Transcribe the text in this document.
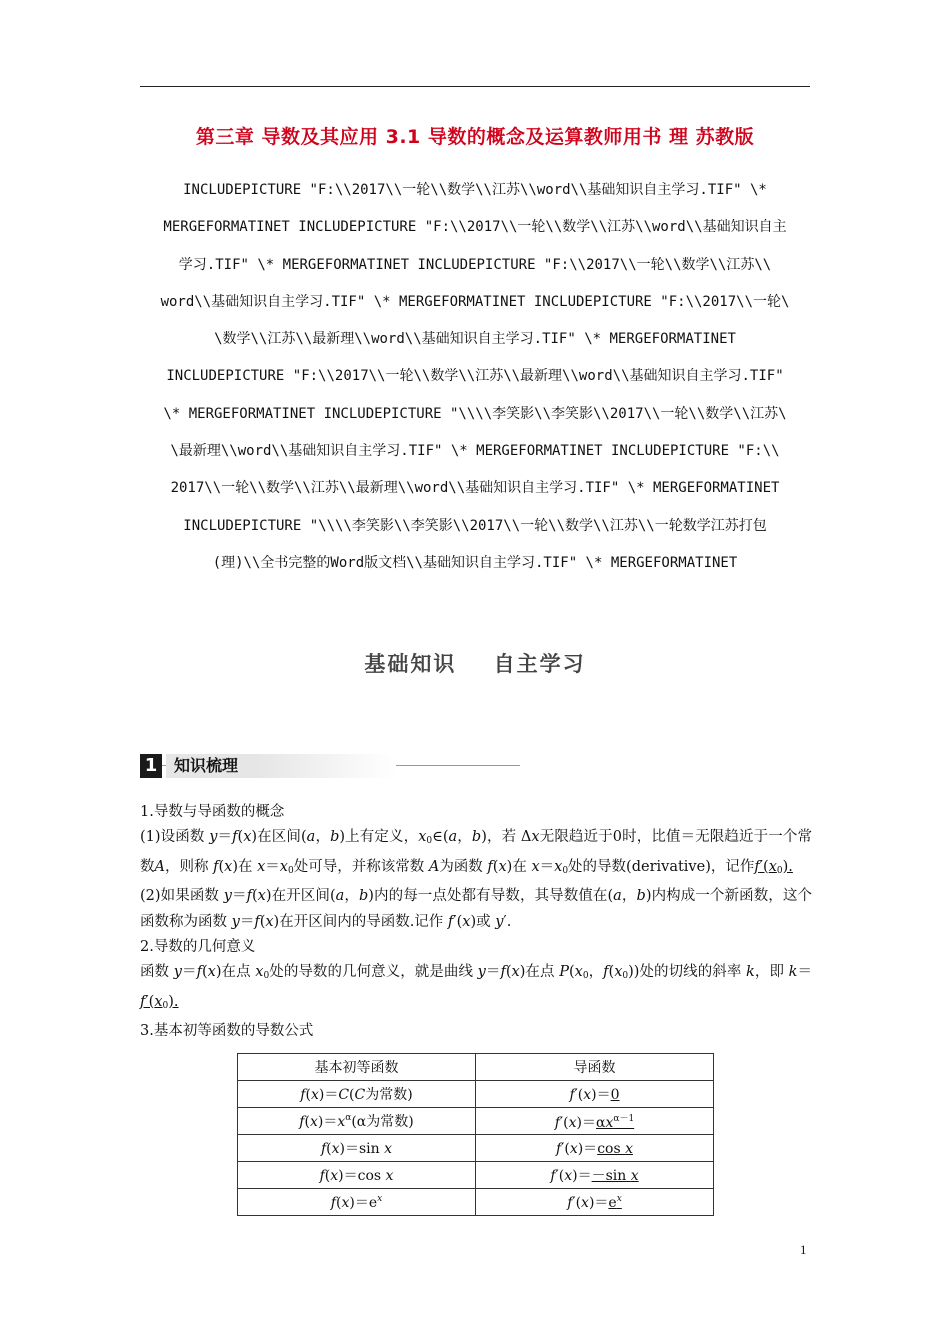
第三章 导数及其应用 3.1 导数的概念及运算教师用书 理 苏教版
INCLUDEPICTURE "F:\\2017\\一轮\\数学\\江苏\\word\\基础知识自主学习.TIF" \*
MERGEFORMATINET INCLUDEPICTURE "F:\\2017\\一轮\\数学\\江苏\\word\\基础知识自主
学习.TIF" \* MERGEFORMATINET INCLUDEPICTURE "F:\\2017\\一轮\\数学\\江苏\\
word\\基础知识自主学习.TIF" \* MERGEFORMATINET INCLUDEPICTURE "F:\\2017\\一轮\
\数学\\江苏\\最新理\\word\\基础知识自主学习.TIF" \* MERGEFORMATINET
INCLUDEPICTURE "F:\\2017\\一轮\\数学\\江苏\\最新理\\word\\基础知识自主学习.TIF"
\* MERGEFORMATINET INCLUDEPICTURE "\\\\李笑影\\李笑影\\2017\\一轮\\数学\\江苏\
\最新理\\word\\基础知识自主学习.TIF" \* MERGEFORMATINET INCLUDEPICTURE "F:\\
2017\\一轮\\数学\\江苏\\最新理\\word\\基础知识自主学习.TIF" \* MERGEFORMATINET
INCLUDEPICTURE "\\\\李笑影\\李笑影\\2017\\一轮\\数学\\江苏\\一轮数学江苏打包
(理)\\全书完整的Word版文档\\基础知识自主学习.TIF" \* MERGEFORMATINET
基础知识 自主学习
1	知识梳理

1.导数与导函数的概念

(1)设函数 y＝f(x)在区间(a，b)上有定义，$x_0\in(a$，b)，若 Δx无限趋近于0时，比值＝无限趋近于一个常数A，则称 f(x)在 $x=x_0$处可导，并称该常数 A为函数 f(x)在 $x=x_0$处的导数(derivative)，记作$f'(x_0)$.

(2)如果函数 y＝f(x)在开区间(a，b)内的每一点处都有导数，其导数值在(a，b)内构成一个新函数，这个函数称为函数 y＝f(x)在开区间内的导函数.记作 f′(x)或 y′.

2.导数的几何意义

函数 y＝f(x)在点 $x_0$处的导数的几何意义，就是曲线 y＝f(x)在点 $P(x_0$，$f(x_0)$)处的切线的斜率 k，即 $k=f'(x_0)$.

3.基本初等函数的导数公式

基本初等函数	导函数
f(x)＝C(C为常数)	f′(x)＝0
$f(x)=x^\alpha(\alpha$为常数)	$f'(x)=\alpha x^{\alpha-1}$
f(x)＝sin x	f′(x)＝cos x
f(x)＝cos x	f′(x)＝－sin x
$f(x)=e^x$	$f'(x)=e^x$
1
